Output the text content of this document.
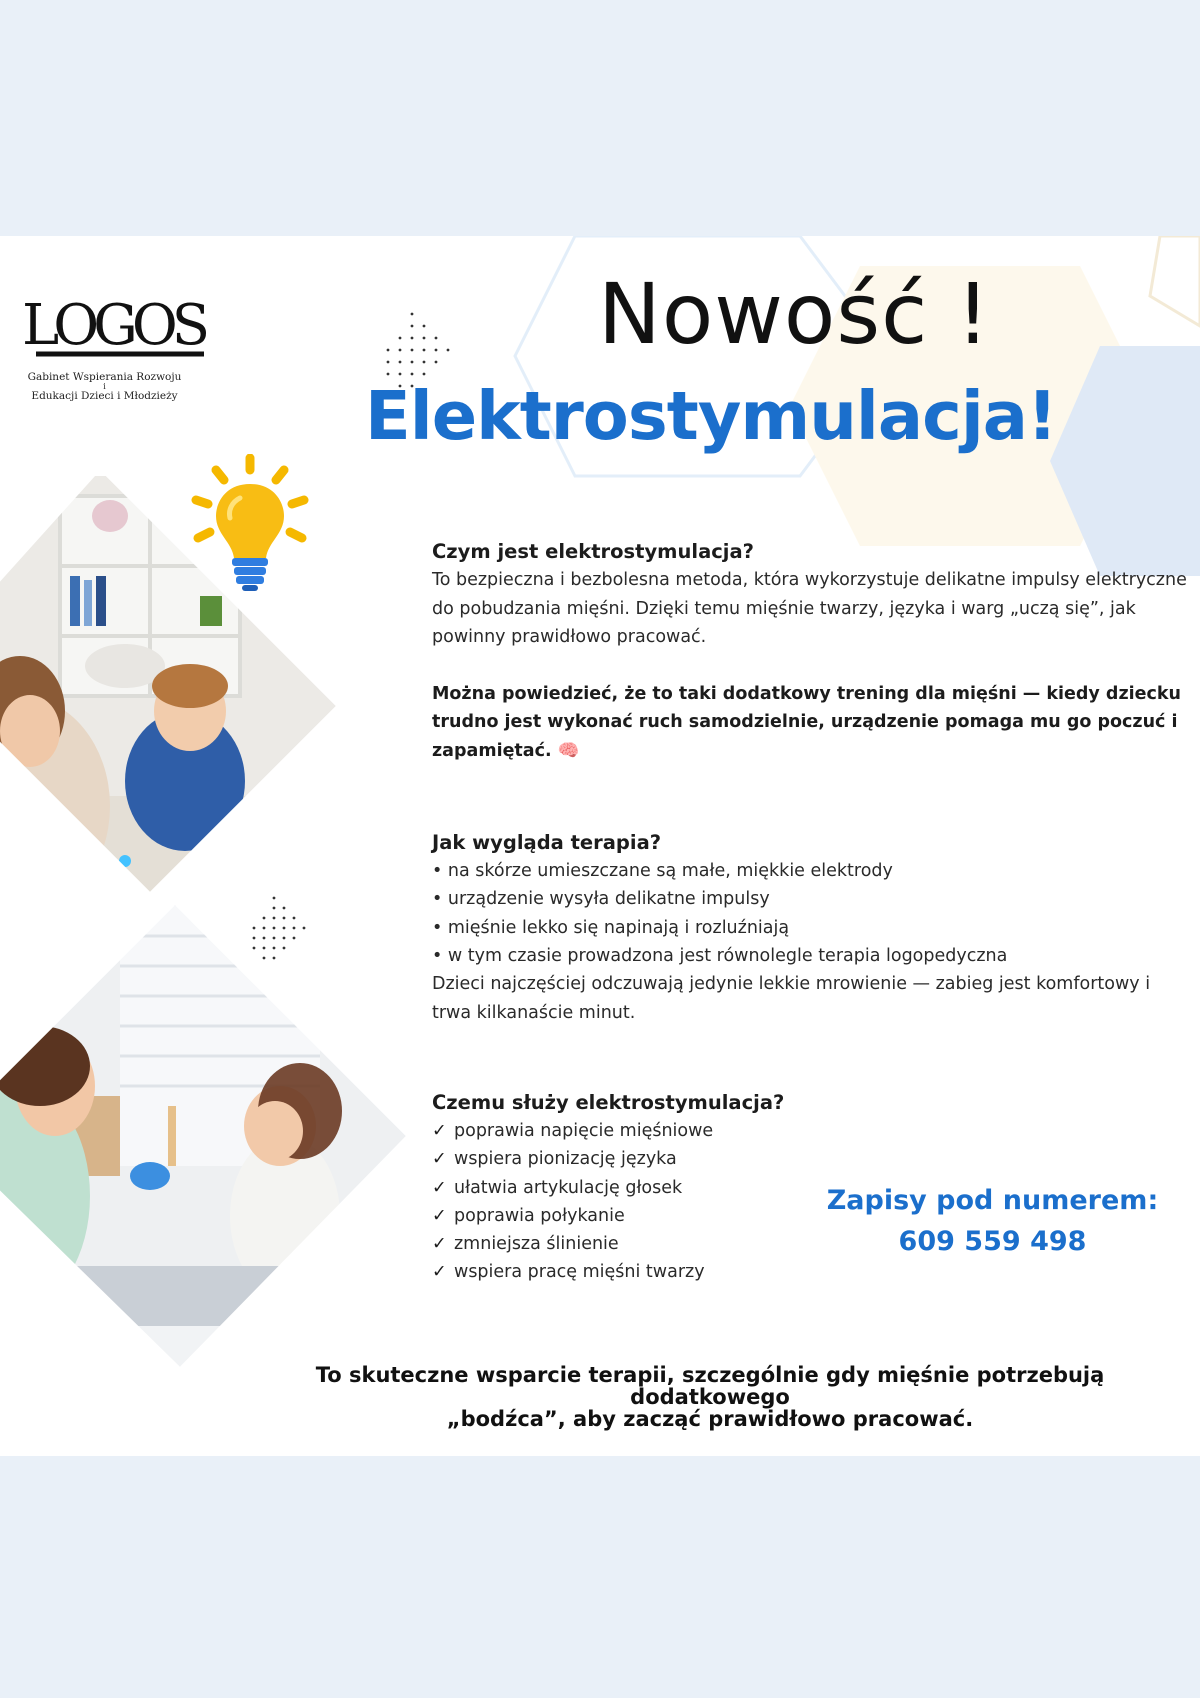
LOGOS
Gabinet Wspierania Rozwoju
i
Edukacji Dzieci i Młodzieży
Nowość !
Elektrostymulacja!
Czym jest elektrostymulacja?
To bezpieczna i bezbolesna metoda, która wykorzystuje delikatne impulsy elektryczne do pobudzania mięśni. Dzięki temu mięśnie twarzy, języka i warg „uczą się”, jak powinny prawidłowo pracować.
Można powiedzieć, że to taki dodatkowy trening dla mięśni — kiedy dziecku trudno jest wykonać ruch samodzielnie, urządzenie pomaga mu go poczuć i zapamiętać. 🧠
Jak wygląda terapia?
• na skórze umieszczane są małe, miękkie elektrody
• urządzenie wysyła delikatne impulsy
• mięśnie lekko się napinają i rozluźniają
• w tym czasie prowadzona jest równolegle terapia logopedyczna
Dzieci najczęściej odczuwają jedynie lekkie mrowienie — zabieg jest komfortowy i trwa kilkanaście minut.
Czemu służy elektrostymulacja?
✓ poprawia napięcie mięśniowe
✓ wspiera pionizację języka
✓ ułatwia artykulację głosek
✓ poprawia połykanie
✓ zmniejsza ślinienie
✓ wspiera pracę mięśni twarzy
Zapisy pod numerem:
609 559 498
To skuteczne wsparcie terapii, szczególnie gdy mięśnie potrzebują dodatkowego
„bodźca”, aby zacząć prawidłowo pracować.
